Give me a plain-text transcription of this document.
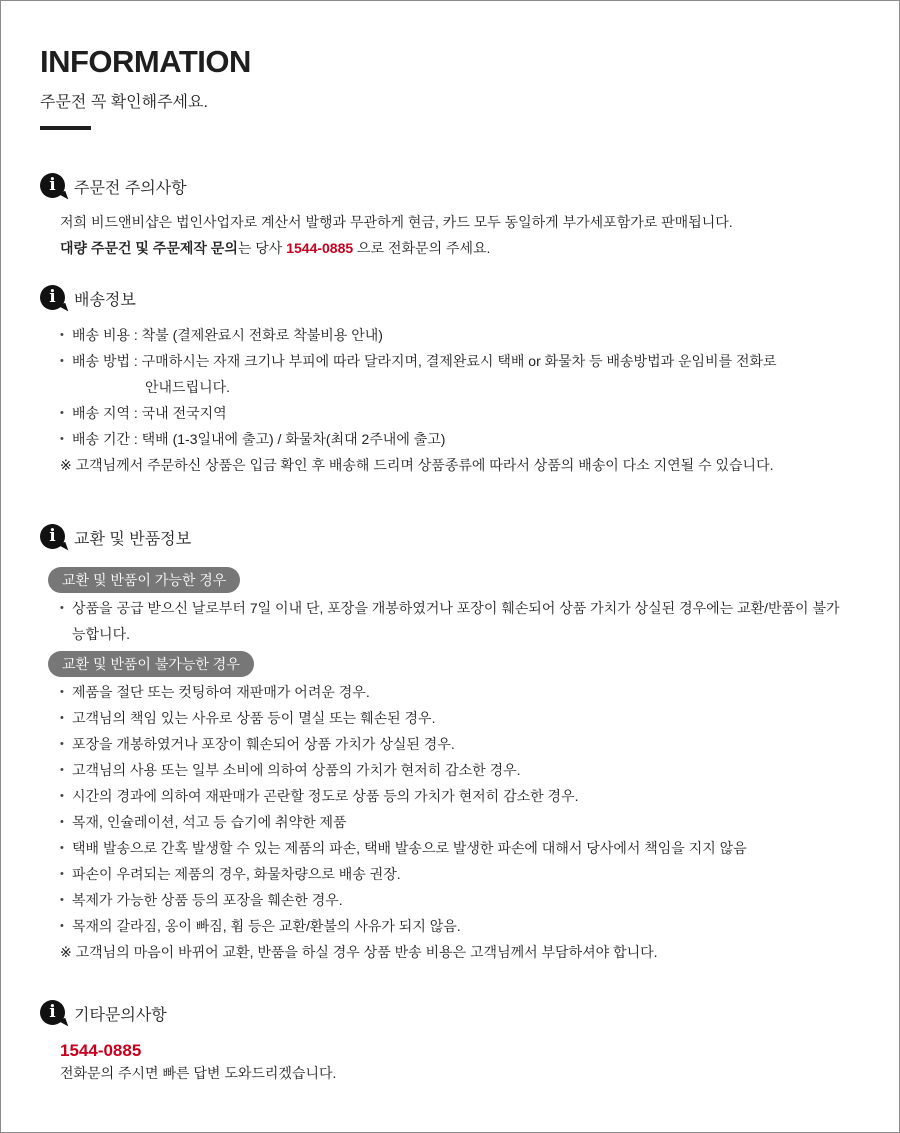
INFORMATION
주문전 꼭 확인해주세요.
i	주문전 주의사항
저희 비드앤비샵은 법인사업자로 계산서 발행과 무관하게 현금, 카드 모두 동일하게 부가세포함가로 판매됩니다.
대량 주문건 및 주문제작 문의는 당사 1544-0885 으로 전화문의 주세요.
i	배송정보
• 배송 비용 : 착불 (결제완료시 전화로 착불비용 안내)
• 배송 방법 : 구매하시는 자재 크기나 부피에 따라 달라지며, 결제완료시 택배 or 화물차 등 배송방법과 운임비를 전화로
안내드립니다.
• 배송 지역 : 국내 전국지역
• 배송 기간 : 택배 (1-3일내에 출고) / 화물차(최대 2주내에 출고)
※ 고객님께서 주문하신 상품은 입금 확인 후 배송해 드리며 상품종류에 따라서 상품의 배송이 다소 지연될 수 있습니다.
i	교환 및 반품정보
교환 및 반품이 가능한 경우
• 상품을 공급 받으신 날로부터 7일 이내 단, 포장을 개봉하였거나 포장이 훼손되어 상품 가치가 상실된 경우에는 교환/반품이 불가능합니다.
교환 및 반품이 불가능한 경우
• 제품을 절단 또는 컷팅하여 재판매가 어려운 경우.
• 고객님의 책임 있는 사유로 상품 등이 멸실 또는 훼손된 경우.
• 포장을 개봉하였거나 포장이 훼손되어 상품 가치가 상실된 경우.
• 고객님의 사용 또는 일부 소비에 의하여 상품의 가치가 현저히 감소한 경우.
• 시간의 경과에 의하여 재판매가 곤란할 정도로 상품 등의 가치가 현저히 감소한 경우.
• 목재, 인슐레이션, 석고 등 습기에 취약한 제품
• 택배 발송으로 간혹 발생할 수 있는 제품의 파손, 택배 발송으로 발생한 파손에 대해서 당사에서 책임을 지지 않음
• 파손이 우려되는 제품의 경우, 화물차량으로 배송 권장.
• 복제가 가능한 상품 등의 포장을 훼손한 경우.
• 목재의 갈라짐, 옹이 빠짐, 휨 등은 교환/환불의 사유가 되지 않음.
※ 고객님의 마음이 바뀌어 교환, 반품을 하실 경우 상품 반송 비용은 고객님께서 부담하셔야 합니다.
i	기타문의사항
1544-0885
전화문의 주시면 빠른 답변 도와드리겠습니다.
